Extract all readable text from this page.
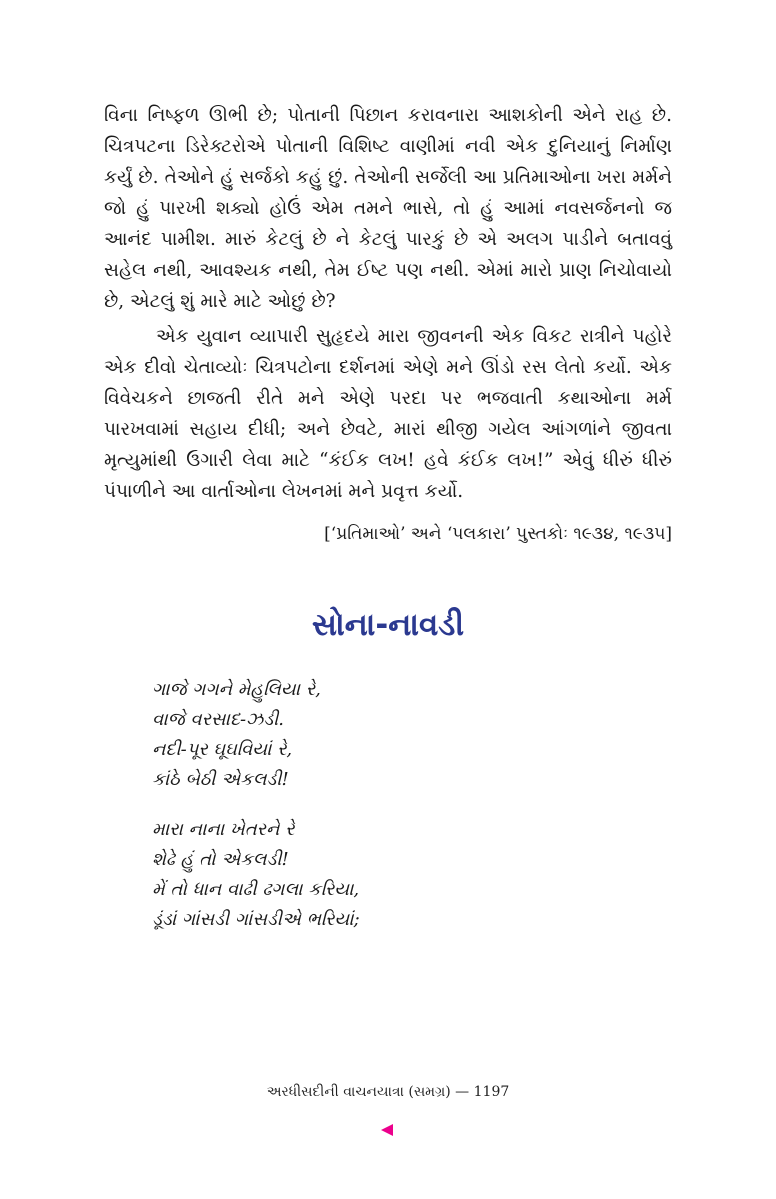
વિના નિષ્ફળ ઊભી છે; પોતાની પિછાન કરાવનારા આશકોની એને રાહ છે. ચિત્રપટના ડિરેક્ટરોએ પોતાની વિશિષ્ટ વાણીમાં નવી એક દુનિયાનું નિર્માણ કર્યું છે. તેઓને હું સર્જકો કહું છું. તેઓની સર્જેલી આ પ્રતિમાઓના ખરા મર્મને જો હું પારખી શક્યો હોઉં એમ તમને ભાસે, તો હું આમાં નવસર્જનનો જ આનંદ પામીશ. મારું કેટલું છે ને કેટલું પારકું છે એ અલગ પાડીને બતાવવું સહેલ નથી, આવશ્યક નથી, તેમ ઈષ્ટ પણ નથી. એમાં મારો પ્રાણ નિચોવાયો છે, એટલું શું મારે માટે ઓછું છે?

એક યુવાન વ્યાપારી સુહૃદયે મારા જીવનની એક વિકટ રાત્રીને પહોરે એક દીવો ચેતાવ્યોઃ ચિત્રપટોના દર્શનમાં એણે મને ઊંડો રસ લેતો કર્યો. એક વિવેચકને છાજતી રીતે મને એણે પરદા પર ભજવાતી કથાઓના મર્મ પારખવામાં સહાય દીધી; અને છેવટે, મારાં થીજી ગયેલ આંગળાંને જીવતા મૃત્યુમાંથી ઉગારી લેવા માટે “કંઈક લખ! હવે કંઈક લખ!” એવું ધીરું ધીરું પંપાળીને આ વાર્તાઓના લેખનમાં મને પ્રવૃત્ત કર્યો.

[‘પ્રતિમાઓ’ અને ‘પલકારા’ પુસ્તકોઃ ૧૯૩૪, ૧૯૩૫]

સોના-નાવડી
ગાજે ગગને મેહુલિયા રે,
વાજે વરસાદ-ઝડી.
નદી-પૂર ઘૂઘવિયાં રે,
કાંઠે બેઠી એકલડી!
મારા નાના ખેતરને રે
શેઢે હું તો એકલડી!
મેં તો ધાન વાઢી ઢગલા કરિયા,
ડૂંડાં ગાંસડી ગાંસડીએ ભરિયાં;
અરધીસદીની વાચનયાત્રા (સમગ્ર) — 1197
